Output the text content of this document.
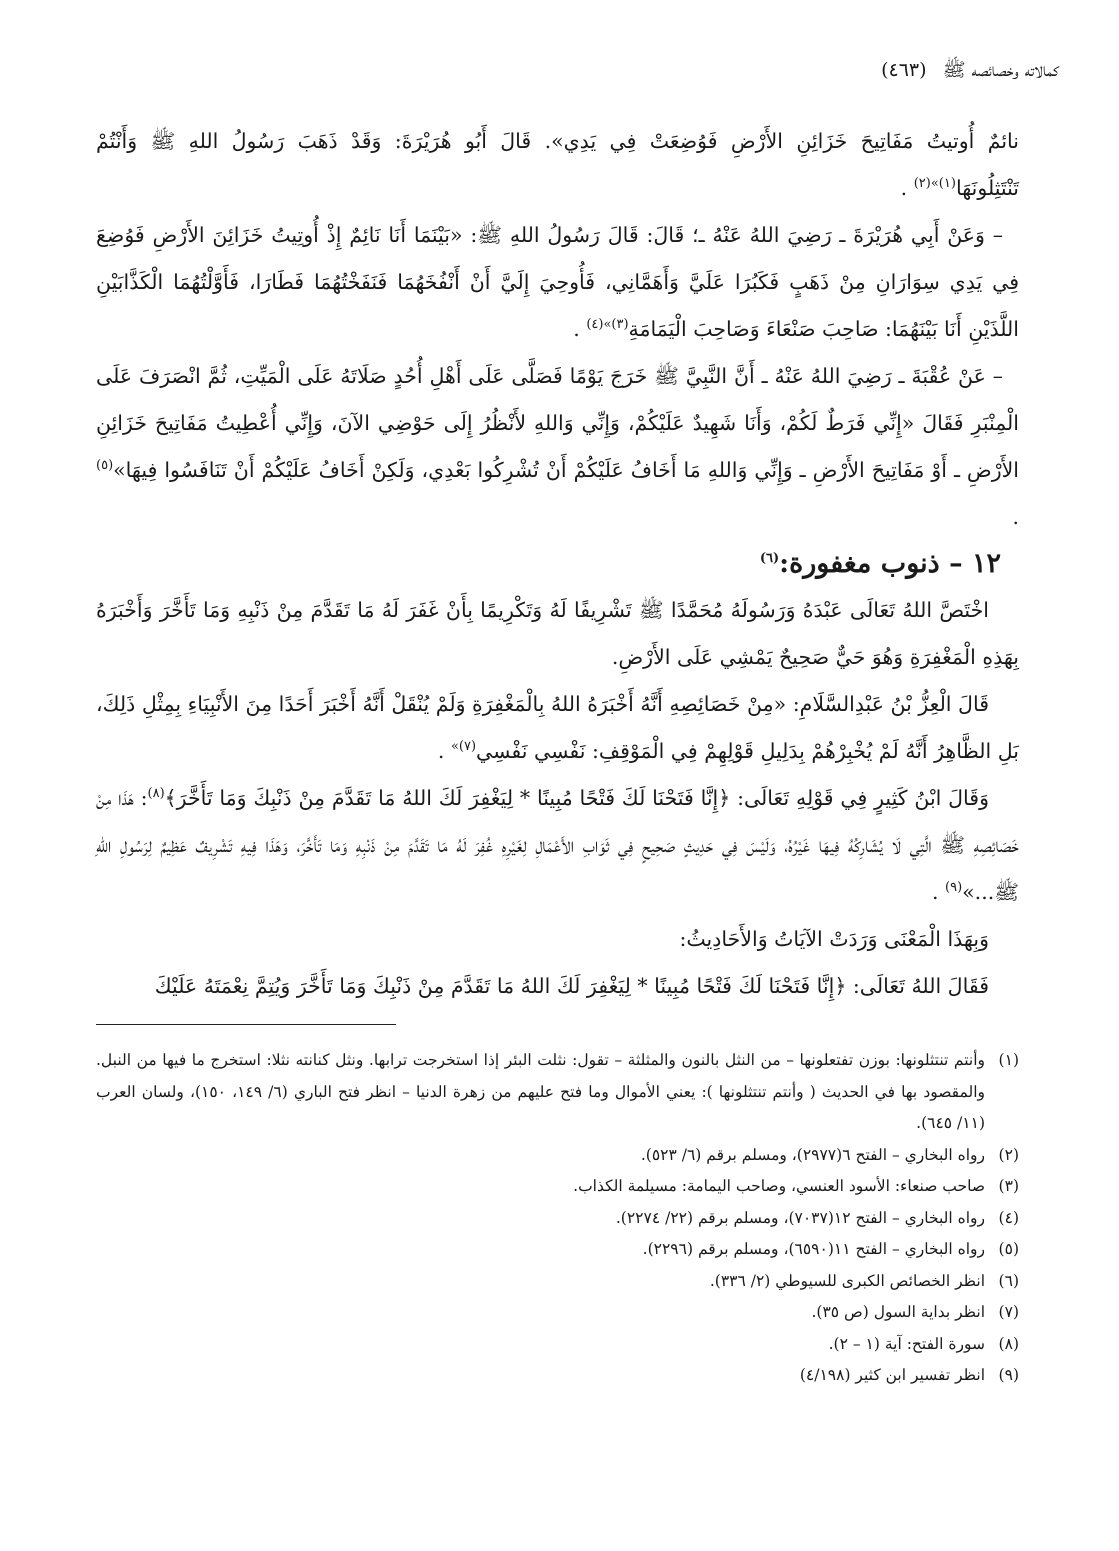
كمالاته وخصائصه ﷺ (٤٦٣)

نائمٌ أُوتيتُ مَفَاتِيحَ خَزَائِنِ الأَرْضِ فَوُضِعَتْ فِي يَدِي». قَالَ أَبُو هُرَيْرَةَ: وَقَدْ ذَهَبَ رَسُولُ اللهِ ﷺ وَأَنْتُمْ تَنْتَثِلُونَهَا$^{(١)»(٢)}$ .

– وَعَنْ أَبِي هُرَيْرَةَ ـ رَضِيَ اللهُ عَنْهُ ـ؛ قَالَ: قَالَ رَسُولُ اللهِ ﷺ: «بَيْنَمَا أَنَا نَائِمٌ إِذْ أُوتِيتُ خَزَائِنَ الأَرْضِ فَوُضِعَ فِي يَدِي سِوَارَانِ مِنْ ذَهَبٍ فَكَبُرَا عَلَيَّ وَأَهَمَّانِي، فَأُوحِيَ إِلَيَّ أَنْ أَنْفُخَهُمَا فَنَفَخْتُهُمَا فَطَارَا، فَأَوَّلْتُهُمَا الْكَذَّابَيْنِ اللَّذَيْنِ أَنَا بَيْنَهُمَا: صَاحِبَ صَنْعَاءَ وَصَاحِبَ الْيَمَامَةِ$^{(٣)»(٤)}$ .

– عَنْ عُقْبَةَ ـ رَضِيَ اللهُ عَنْهُ ـ أَنَّ النَّبِيَّ ﷺ خَرَجَ يَوْمًا فَصَلَّى عَلَى أَهْلِ أُحُدٍ صَلَاتَهُ عَلَى الْمَيِّتِ، ثُمَّ انْصَرَفَ عَلَى الْمِنْبَرِ فَقَالَ «إِنِّي فَرَطٌ لَكُمْ، وَأَنَا شَهِيدٌ عَلَيْكُمْ، وَإِنِّي وَاللهِ لأَنْظُرُ إِلَى حَوْضِي الآنَ، وَإِنِّي أُعْطِيتُ مَفَاتِيحَ خَزَائِنِ الأَرْضِ ـ أَوْ مَفَاتِيحَ الأَرْضِ ـ وَإِنِّي وَاللهِ مَا أَخَافُ عَلَيْكُمْ أَنْ تُشْرِكُوا بَعْدِي، وَلَكِنْ أَخَافُ عَلَيْكُمْ أَنْ تَنَافَسُوا فِيهَا»$^{(٥)}$ .

١٢ – ذنوب مغفورة:$^{(٦)}$

اخْتَصَّ اللهُ تَعَالَى عَبْدَهُ وَرَسُولَهُ مُحَمَّدًا ﷺ تَشْرِيفًا لَهُ وَتَكْرِيمًا بِأَنْ غَفَرَ لَهُ مَا تَقَدَّمَ مِنْ ذَنْبِهِ وَمَا تَأَخَّرَ وَأَخْبَرَهُ بِهَذِهِ الْمَغْفِرَةِ وَهُوَ حَيٌّ صَحِيحٌ يَمْشِي عَلَى الأَرْضِ.

قَالَ الْعِزُّ بْنُ عَبْدِالسَّلَامِ: «مِنْ خَصَائِصِهِ أَنَّهُ أَخْبَرَهُ اللهُ بِالْمَغْفِرَةِ وَلَمْ يُنْقَلْ أَنَّهُ أَخْبَرَ أَحَدًا مِنَ الأَنْبِيَاءِ بِمِثْلِ ذَلِكَ، بَلِ الظَّاهِرُ أَنَّهُ لَمْ يُخْبِرْهُمْ بِدَلِيلِ قَوْلِهِمْ فِي الْمَوْقِفِ: نَفْسِي نَفْسِي$^{(٧)»}$ .

وَقَالَ ابْنُ كَثِيرٍ فِي قَوْلِهِ تَعَالَى: ﴿إِنَّا فَتَحْنَا لَكَ فَتْحًا مُبِينًا * لِيَغْفِرَ لَكَ اللهُ مَا تَقَدَّمَ مِنْ ذَنْبِكَ وَمَا تَأَخَّرَ﴾$^{(٨)}$: هَذَا مِنْ خَصَائِصِهِ ﷺ الَّتِي لَا يُشَارِكُهُ فِيهَا غَيْرُهُ، وَلَيْسَ فِي حَدِيثٍ صَحِيحٍ فِي ثَوَابِ الأَعْمَالِ لِغَيْرِهِ غُفِرَ لَهُ مَا تَقَدَّمَ مِنْ ذَنْبِهِ وَمَا تَأَخَّرَ، وَهَذَا فِيهِ تَشْرِيفٌ عَظِيمٌ لِرَسُولِ اللهِ ﷺ...»$^{(٩)}$ .

وَبِهَذَا الْمَعْنَى وَرَدَتْ الآيَاتُ وَالأَحَادِيثُ:

فَقَالَ اللهُ تَعَالَى: ﴿إِنَّا فَتَحْنَا لَكَ فَتْحًا مُبِينًا * لِيَغْفِرَ لَكَ اللهُ مَا تَقَدَّمَ مِنْ ذَنْبِكَ وَمَا تَأَخَّرَ وَيُتِمَّ نِعْمَتَهُ عَلَيْكَ

(١)
وأنتم تنتثلونها: بوزن تفتعلونها – من النثل بالنون والمثلثة – تقول: نثلت البئر إذا استخرجت ترابها. ونثل كنانته نثلا: استخرج ما فيها من النبل. والمقصود بها في الحديث ( وأنتم تنتثلونها ): يعني الأموال وما فتح عليهم من زهرة الدنيا – انظر فتح الباري (٦/ ١٤٩، ١٥٠)، ولسان العرب (١١/ ٦٤٥).
(٢)
رواه البخاري – الفتح ٦(٢٩٧٧)، ومسلم برقم (٦/ ٥٢٣).
(٣)
صاحب صنعاء: الأسود العنسي، وصاحب اليمامة: مسيلمة الكذاب.
(٤)
رواه البخاري – الفتح ١٢(٧٠٣٧)، ومسلم برقم (٢٢/ ٢٢٧٤).
(٥)
رواه البخاري – الفتح ١١(٦٥٩٠)، ومسلم برقم (٢٢٩٦).
(٦)
انظر الخصائص الكبرى للسيوطي (٢/ ٣٣٦).
(٧)
انظر بداية السول (ص ٣٥).
(٨)
سورة الفتح: آية (١ – ٢).
(٩)
انظر تفسير ابن كثير (٤/١٩٨)
